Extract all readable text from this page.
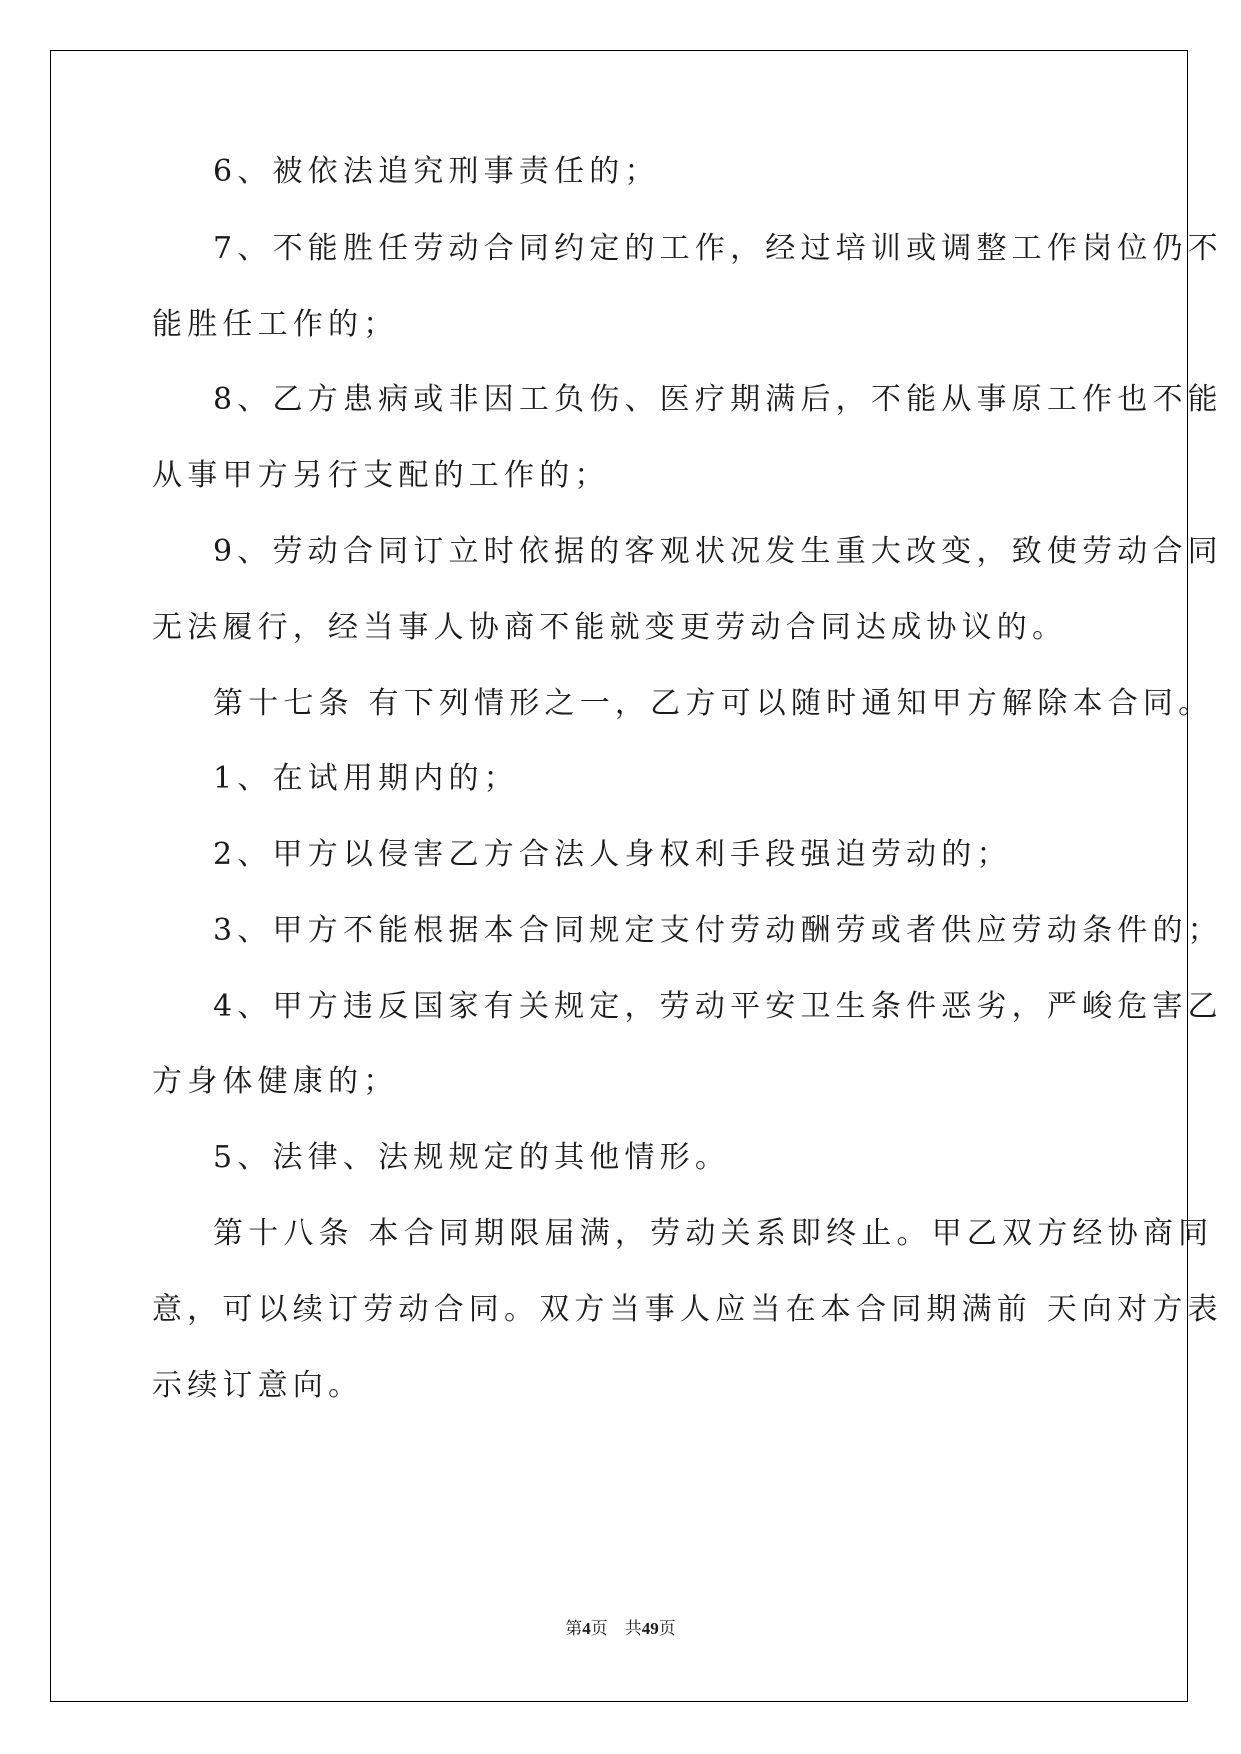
6、被依法追究刑事责任的；
7、不能胜任劳动合同约定的工作，经过培训或调整工作岗位仍不
能胜任工作的；
8、乙方患病或非因工负伤、医疗期满后，不能从事原工作也不能
从事甲方另行支配的工作的；
9、劳动合同订立时依据的客观状况发生重大改变，致使劳动合同
无法履行，经当事人协商不能就变更劳动合同达成协议的。
第十七条 有下列情形之一，乙方可以随时通知甲方解除本合同。
1、在试用期内的；
2、甲方以侵害乙方合法人身权利手段强迫劳动的；
3、甲方不能根据本合同规定支付劳动酬劳或者供应劳动条件的；
4、甲方违反国家有关规定，劳动平安卫生条件恶劣，严峻危害乙
方身体健康的；
5、法律、法规规定的其他情形。
第十八条 本合同期限届满，劳动关系即终止。甲乙双方经协商同
意，可以续订劳动合同。双方当事人应当在本合同期满前 天向对方表
示续订意向。
第4页 共49页
